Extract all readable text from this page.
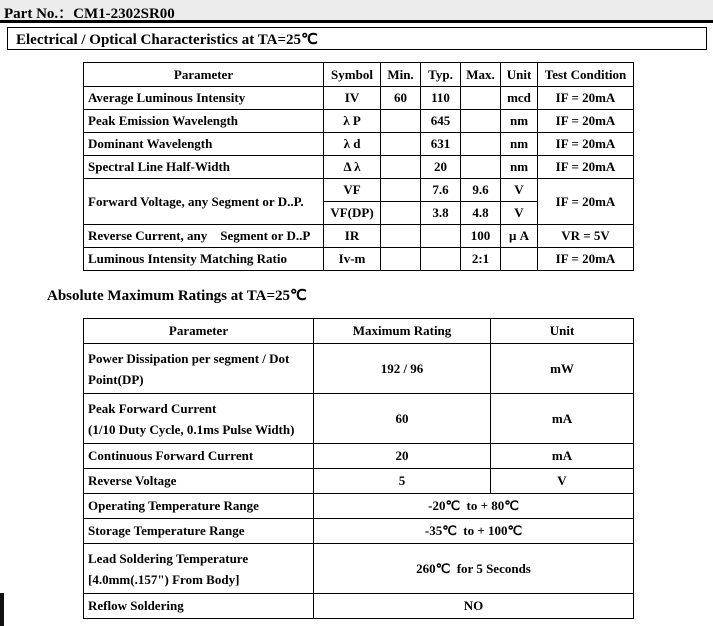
Part No.：CM1-2302SR00
Electrical / Optical Characteristics at TA=25℃
Parameter	Symbol	Min.	Typ.	Max.	Unit	Test Condition
Average Luminous Intensity	IV	60	110		mcd	IF = 20mA
Peak Emission Wavelength	λ P		645		nm	IF = 20mA
Dominant Wavelength	λ d		631		nm	IF = 20mA
Spectral Line Half-Width	Δ λ		20		nm	IF = 20mA
Forward Voltage, any Segment or D..P.	VF		7.6	9.6	V	IF = 20mA
	VF(DP)		3.8	4.8	V	
Reverse Current, any    Segment or D..P	IR			100	μ A	VR = 5V
Luminous Intensity Matching Ratio	Iv-m			2:1		IF = 20mA
Absolute Maximum Ratings at TA=25℃
Parameter	Maximum Rating	Unit

Power Dissipation per segment / Dot
Point(DP)	192 / 96	mW

Peak Forward Current
(1/10 Duty Cycle, 0.1ms Pulse Width)	60	mA
Continuous Forward Current	20	mA
Reverse Voltage	5	V
Operating Temperature Range	-20℃  to + 80℃	
Storage Temperature Range	-35℃  to + 100℃	

Lead Soldering Temperature
[4.0mm(.157") From Body]	260℃  for 5 Seconds	
Reflow Soldering	NO	
